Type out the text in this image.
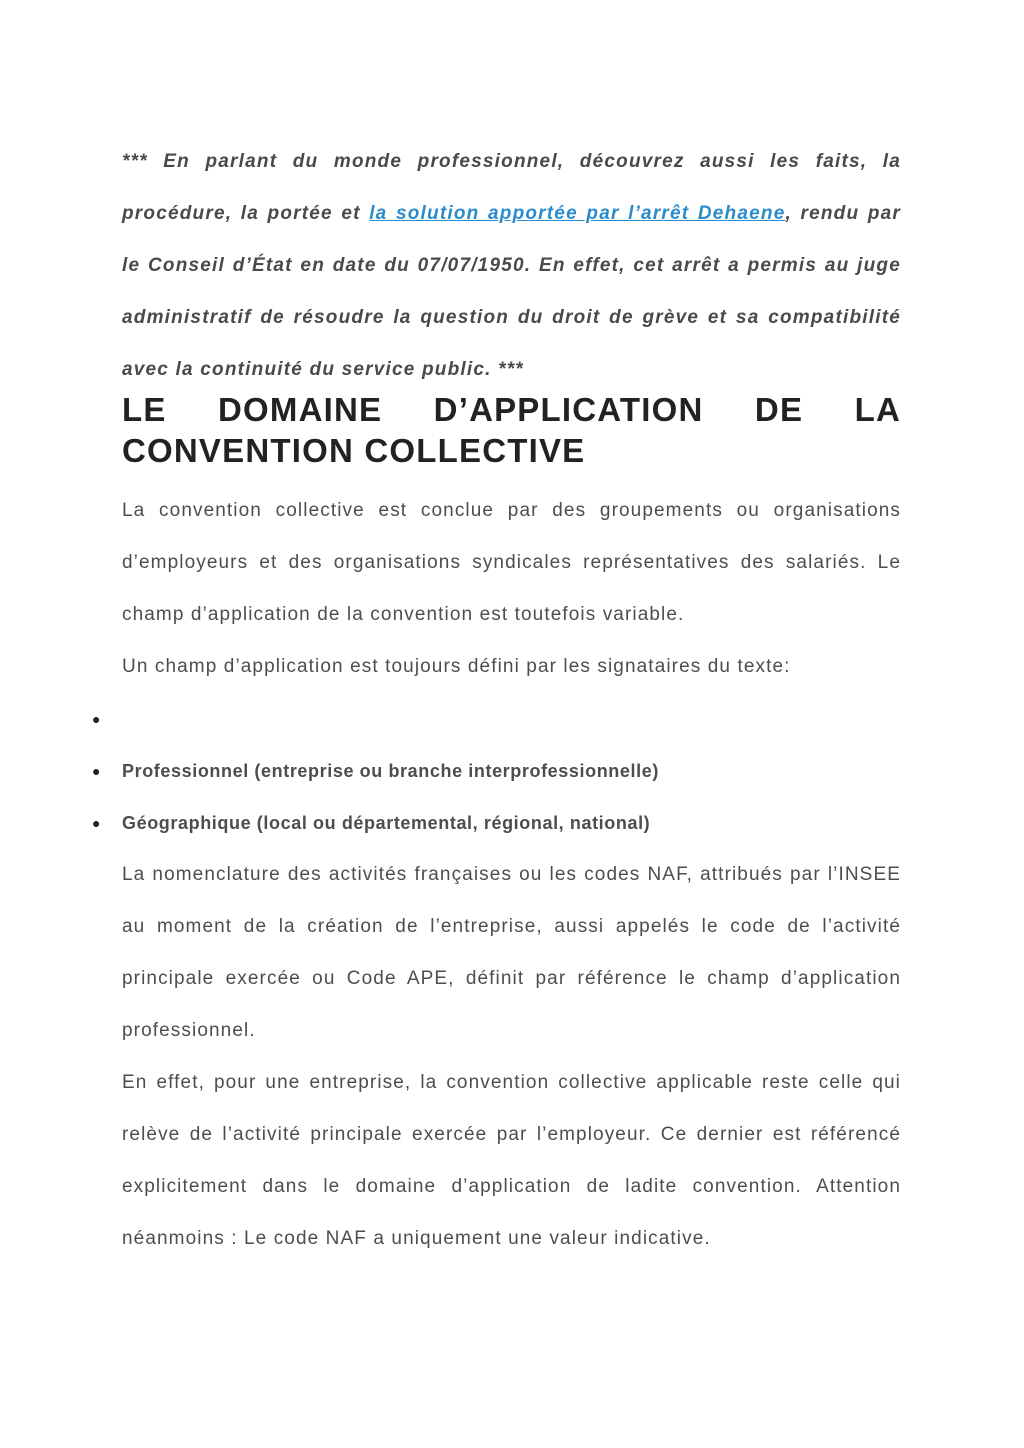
*** En parlant du monde professionnel, découvrez aussi les faits, la procédure, la portée et la solution apportée par l’arrêt Dehaene, rendu par le Conseil d’État en date du 07/07/1950. En effet, cet arrêt a permis au juge administratif de résoudre la question du droit de grève et sa compatibilité avec la continuité du service public. ***

LE DOMAINE D’APPLICATION DE LA
CONVENTION COLLECTIVE

La convention collective est conclue par des groupements ou organisations d’employeurs et des organisations syndicales représentatives des salariés. Le champ d’application de la convention est toutefois variable.

Un champ d’application est toujours défini par les signataires du texte:

●
● Professionnel (entreprise ou branche interprofessionnelle)
● Géographique (local ou départemental, régional, national)

La nomenclature des activités françaises ou les codes NAF, attribués par l’INSEE au moment de la création de l’entreprise, aussi appelés le code de l’activité principale exercée ou Code APE, définit par référence le champ d’application professionnel.

En effet, pour une entreprise, la convention collective applicable reste celle qui relève de l’activité principale exercée par l’employeur. Ce dernier est référencé explicitement dans le domaine d’application de ladite convention. Attention néanmoins : Le code NAF a uniquement une valeur indicative.
